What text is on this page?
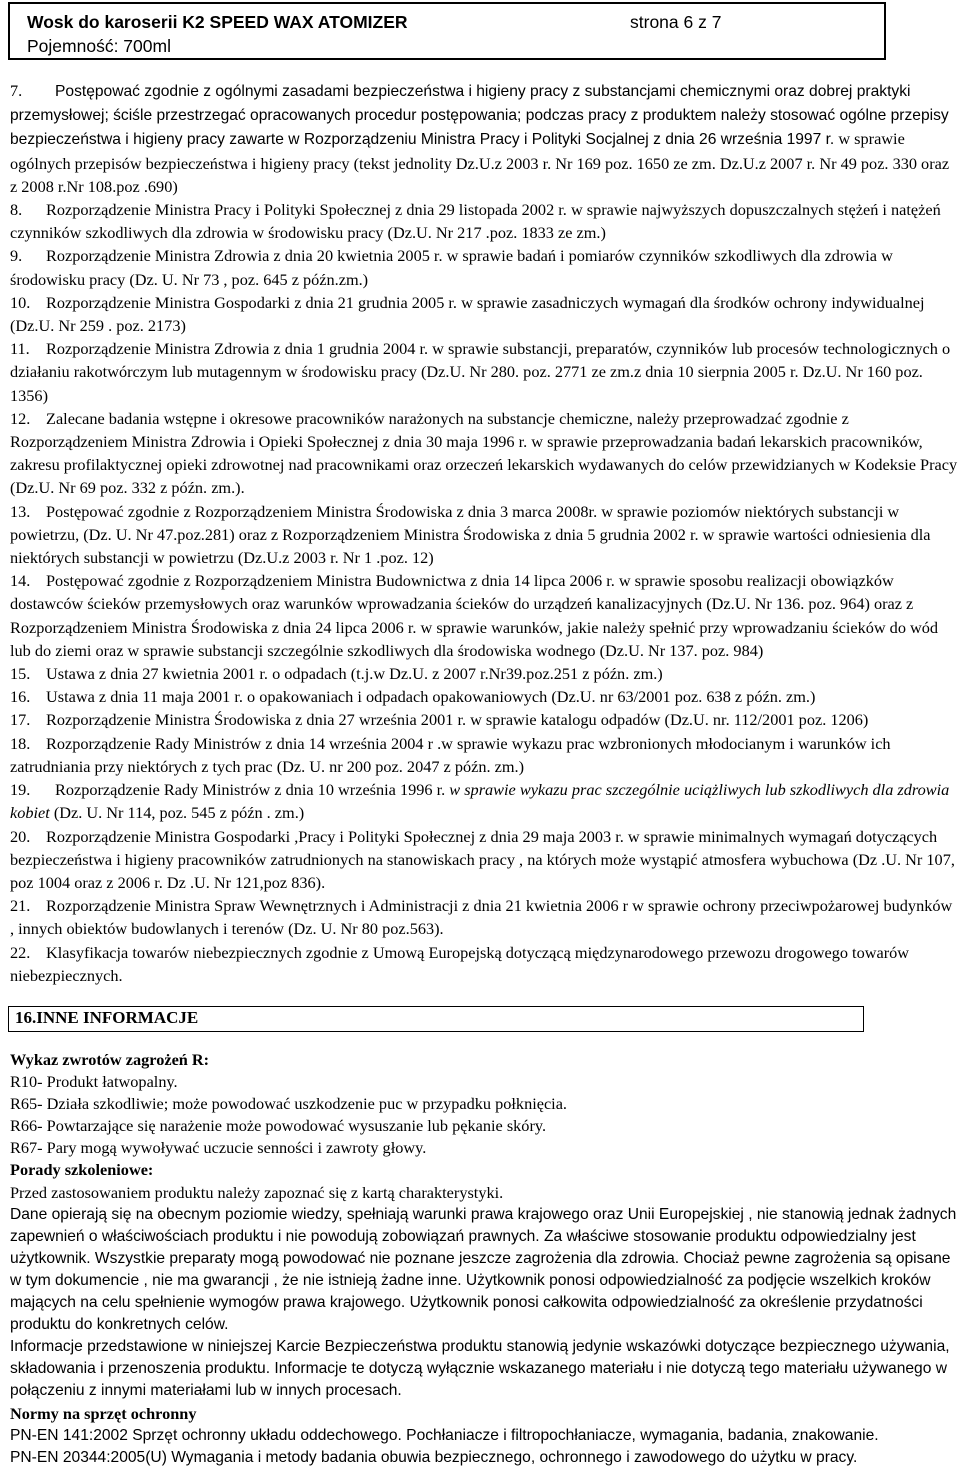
Wosk do karoserii K2 SPEED WAX ATOMIZER	strona 6 z 7
Pojemność: 700ml

7. Postępować zgodnie z ogólnymi zasadami bezpieczeństwa i higieny pracy z substancjami chemicznymi oraz dobrej praktyki przemysłowej; ściśle przestrzegać opracowanych procedur postępowania; podczas pracy z produktem należy stosować ogólne przepisy bezpieczeństwa i higieny pracy zawarte w Rozporządzeniu Ministra Pracy i Polityki Socjalnej z dnia 26 września 1997 r. w sprawie ogólnych przepisów bezpieczeństwa i higieny pracy (tekst jednolity Dz.U.z 2003 r. Nr 169 poz. 1650 ze zm. Dz.U.z 2007 r. Nr 49 poz. 330 oraz z 2008 r.Nr 108.poz .690)

8. Rozporządzenie Ministra Pracy i Polityki Społecznej z dnia 29 listopada 2002 r. w sprawie najwyższych dopuszczalnych stężeń i natężeń czynników szkodliwych dla zdrowia w środowisku pracy (Dz.U. Nr 217 .poz. 1833 ze zm.)

9. Rozporządzenie Ministra Zdrowia z dnia 20 kwietnia 2005 r. w sprawie badań i pomiarów czynników szkodliwych dla zdrowia w środowisku pracy (Dz. U. Nr 73 , poz. 645 z późn.zm.)

10. Rozporządzenie Ministra Gospodarki z dnia 21 grudnia 2005 r. w sprawie zasadniczych wymagań dla środków ochrony indywidualnej (Dz.U. Nr 259 . poz. 2173)

11. Rozporządzenie Ministra Zdrowia z dnia 1 grudnia 2004 r. w sprawie substancji, preparatów, czynników lub procesów technologicznych o działaniu rakotwórczym lub mutagennym w środowisku pracy (Dz.U. Nr 280. poz. 2771 ze zm.z dnia 10 sierpnia 2005 r. Dz.U. Nr 160 poz. 1356)

12. Zalecane badania wstępne i okresowe pracowników narażonych na substancje chemiczne, należy przeprowadzać zgodnie z Rozporządzeniem Ministra Zdrowia i Opieki Społecznej z dnia 30 maja 1996 r. w sprawie przeprowadzania badań lekarskich pracowników, zakresu profilaktycznej opieki zdrowotnej nad pracownikami oraz orzeczeń lekarskich wydawanych do celów przewidzianych w Kodeksie Pracy (Dz.U. Nr 69 poz. 332 z późn. zm.).

13. Postępować zgodnie z Rozporządzeniem Ministra Środowiska z dnia 3 marca 2008r. w sprawie poziomów niektórych substancji w powietrzu, (Dz. U. Nr 47.poz.281) oraz z Rozporządzeniem Ministra Środowiska z dnia 5 grudnia 2002 r. w sprawie wartości odniesienia dla niektórych substancji w powietrzu (Dz.U.z 2003 r. Nr 1 .poz. 12)

14. Postępować zgodnie z Rozporządzeniem Ministra Budownictwa z dnia 14 lipca 2006 r. w sprawie sposobu realizacji obowiązków dostawców ścieków przemysłowych oraz warunków wprowadzania ścieków do urządzeń kanalizacyjnych (Dz.U. Nr 136. poz. 964) oraz z Rozporządzeniem Ministra Środowiska z dnia 24 lipca 2006 r. w sprawie warunków, jakie należy spełnić przy wprowadzaniu ścieków do wód lub do ziemi oraz w sprawie substancji szczególnie szkodliwych dla środowiska wodnego (Dz.U. Nr 137. poz. 984)

15. Ustawa z dnia 27 kwietnia 2001 r. o odpadach (t.j.w Dz.U. z 2007 r.Nr39.poz.251 z późn. zm.)

16. Ustawa z dnia 11 maja 2001 r. o opakowaniach i odpadach opakowaniowych (Dz.U. nr 63/2001 poz. 638 z późn. zm.)

17. Rozporządzenie Ministra Środowiska z dnia 27 września 2001 r. w sprawie katalogu odpadów (Dz.U. nr. 112/2001 poz. 1206)

18. Rozporządzenie Rady Ministrów z dnia 14 września 2004 r .w sprawie wykazu prac wzbronionych młodocianym i warunków ich zatrudniania przy niektórych z tych prac (Dz. U. nr 200 poz. 2047 z późn. zm.)

19. Rozporządzenie Rady Ministrów z dnia 10 września 1996 r. w sprawie wykazu prac szczególnie uciążliwych lub szkodliwych dla zdrowia kobiet (Dz. U. Nr 114, poz. 545 z późn . zm.)

20. Rozporządzenie Ministra Gospodarki ,Pracy i Polityki Społecznej z dnia 29 maja 2003 r. w sprawie minimalnych wymagań dotyczących bezpieczeństwa i higieny pracowników zatrudnionych na stanowiskach pracy , na których może wystąpić atmosfera wybuchowa (Dz .U. Nr 107, poz 1004 oraz z 2006 r. Dz .U. Nr 121,poz 836).

21. Rozporządzenie Ministra Spraw Wewnętrznych i Administracji z dnia 21 kwietnia 2006 r w sprawie ochrony przeciwpożarowej budynków , innych obiektów budowlanych i terenów (Dz. U. Nr 80 poz.563).

22. Klasyfikacja towarów niebezpiecznych zgodnie z Umową Europejską dotyczącą międzynarodowego przewozu drogowego towarów niebezpiecznych.

16.INNE INFORMACJE

Wykaz zwrotów zagrożeń R:

R10- Produkt łatwopalny.

R65- Działa szkodliwie; może powodować uszkodzenie puc w przypadku połknięcia.

R66- Powtarzające się narażenie może powodować wysuszanie lub pękanie skóry.

R67- Pary mogą wywoływać uczucie senności i zawroty głowy.

Porady szkoleniowe:

Przed zastosowaniem produktu należy zapoznać się z kartą charakterystyki.

Dane opierają się na obecnym poziomie wiedzy, spełniają warunki prawa krajowego oraz Unii Europejskiej , nie stanowią jednak żadnych zapewnień o właściwościach produktu i nie powodują zobowiązań prawnych. Za właściwe stosowanie produktu odpowiedzialny jest użytkownik. Wszystkie preparaty mogą powodować nie poznane jeszcze zagrożenia dla zdrowia. Chociaż pewne zagrożenia są opisane w tym dokumencie , nie ma gwarancji , że nie istnieją żadne inne. Użytkownik ponosi odpowiedzialność za podjęcie wszelkich kroków mających na celu spełnienie wymogów prawa krajowego. Użytkownik ponosi całkowita odpowiedzialność za określenie przydatności produktu do konkretnych celów.

Informacje przedstawione w niniejszej Karcie Bezpieczeństwa produktu stanowią jedynie wskazówki dotyczące bezpiecznego używania, składowania i przenoszenia produktu. Informacje te dotyczą wyłącznie wskazanego materiału i nie dotyczą tego materiału używanego w połączeniu z innymi materiałami lub w innych procesach.

Normy na sprzęt ochronny

PN-EN 141:2002 Sprzęt ochronny układu oddechowego. Pochłaniacze i filtropochłaniacze, wymagania, badania, znakowanie.

PN-EN 20344:2005(U) Wymagania i metody badania obuwia bezpiecznego, ochronnego i zawodowego do użytku w pracy.
